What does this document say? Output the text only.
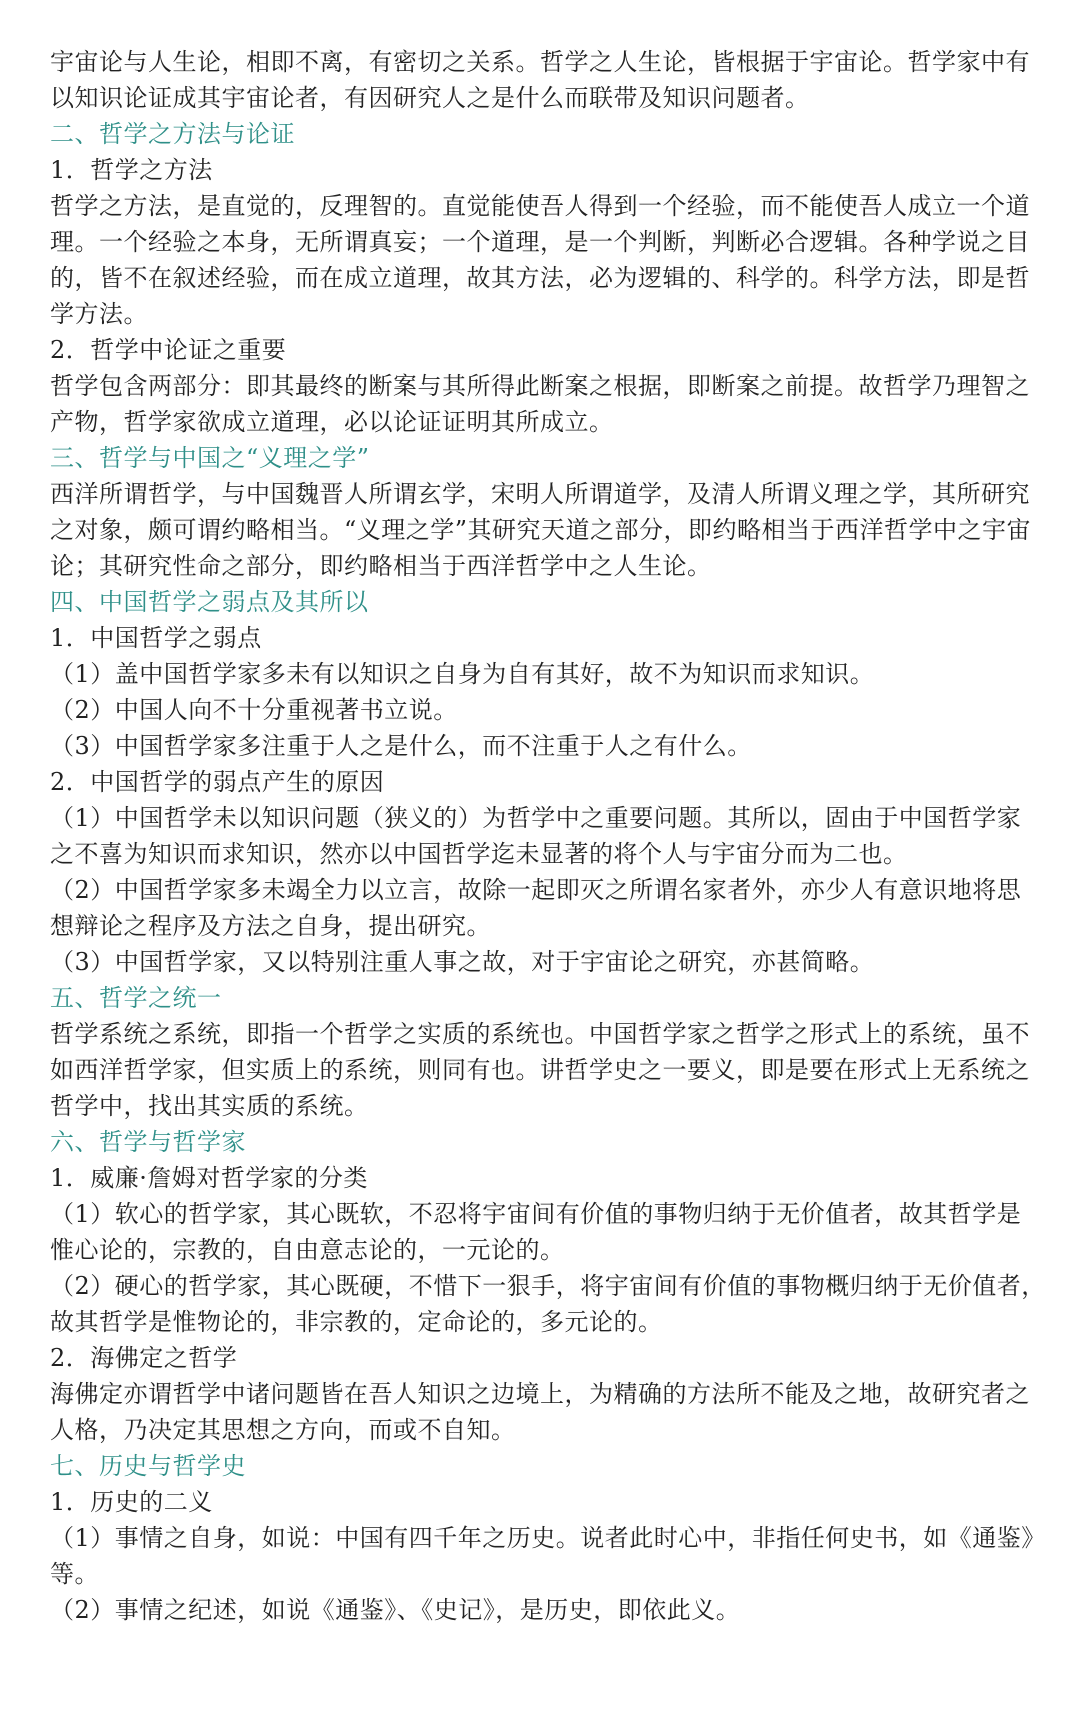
宇宙论与人生论，相即不离，有密切之关系。哲学之人生论，皆根据于宇宙论。哲学家中有
以知识论证成其宇宙论者，有因研究人之是什么而联带及知识问题者。
二、哲学之方法与论证
1．哲学之方法
哲学之方法，是直觉的，反理智的。直觉能使吾人得到一个经验，而不能使吾人成立一个道
理。一个经验之本身，无所谓真妄；一个道理，是一个判断，判断必合逻辑。各种学说之目
的，皆不在叙述经验，而在成立道理，故其方法，必为逻辑的、科学的。科学方法，即是哲
学方法。
2．哲学中论证之重要
哲学包含两部分：即其最终的断案与其所得此断案之根据，即断案之前提。故哲学乃理智之
产物，哲学家欲成立道理，必以论证证明其所成立。
三、哲学与中国之“义理之学”
西洋所谓哲学，与中国魏晋人所谓玄学，宋明人所谓道学，及清人所谓义理之学，其所研究
之对象，颇可谓约略相当。“义理之学”其研究天道之部分，即约略相当于西洋哲学中之宇宙
论；其研究性命之部分，即约略相当于西洋哲学中之人生论。
四、中国哲学之弱点及其所以
1．中国哲学之弱点
（1）盖中国哲学家多未有以知识之自身为自有其好，故不为知识而求知识。
（2）中国人向不十分重视著书立说。
（3）中国哲学家多注重于人之是什么，而不注重于人之有什么。
2．中国哲学的弱点产生的原因
（1）中国哲学未以知识问题（狭义的）为哲学中之重要问题。其所以，固由于中国哲学家
之不喜为知识而求知识，然亦以中国哲学迄未显著的将个人与宇宙分而为二也。
（2）中国哲学家多未竭全力以立言，故除一起即灭之所谓名家者外，亦少人有意识地将思
想辩论之程序及方法之自身，提出研究。
（3）中国哲学家，又以特别注重人事之故，对于宇宙论之研究，亦甚简略。
五、哲学之统一
哲学系统之系统，即指一个哲学之实质的系统也。中国哲学家之哲学之形式上的系统，虽不
如西洋哲学家，但实质上的系统，则同有也。讲哲学史之一要义，即是要在形式上无系统之
哲学中，找出其实质的系统。
六、哲学与哲学家
1．威廉·詹姆对哲学家的分类
（1）软心的哲学家，其心既软，不忍将宇宙间有价值的事物归纳于无价值者，故其哲学是
惟心论的，宗教的，自由意志论的，一元论的。
（2）硬心的哲学家，其心既硬，不惜下一狠手，将宇宙间有价值的事物概归纳于无价值者，
故其哲学是惟物论的，非宗教的，定命论的，多元论的。
2．海佛定之哲学
海佛定亦谓哲学中诸问题皆在吾人知识之边境上，为精确的方法所不能及之地，故研究者之
人格，乃决定其思想之方向，而或不自知。
七、历史与哲学史
1．历史的二义
（1）事情之自身，如说：中国有四千年之历史。说者此时心中，非指任何史书，如《通鉴》
等。
（2）事情之纪述，如说《通鉴》、《史记》，是历史，即依此义。
